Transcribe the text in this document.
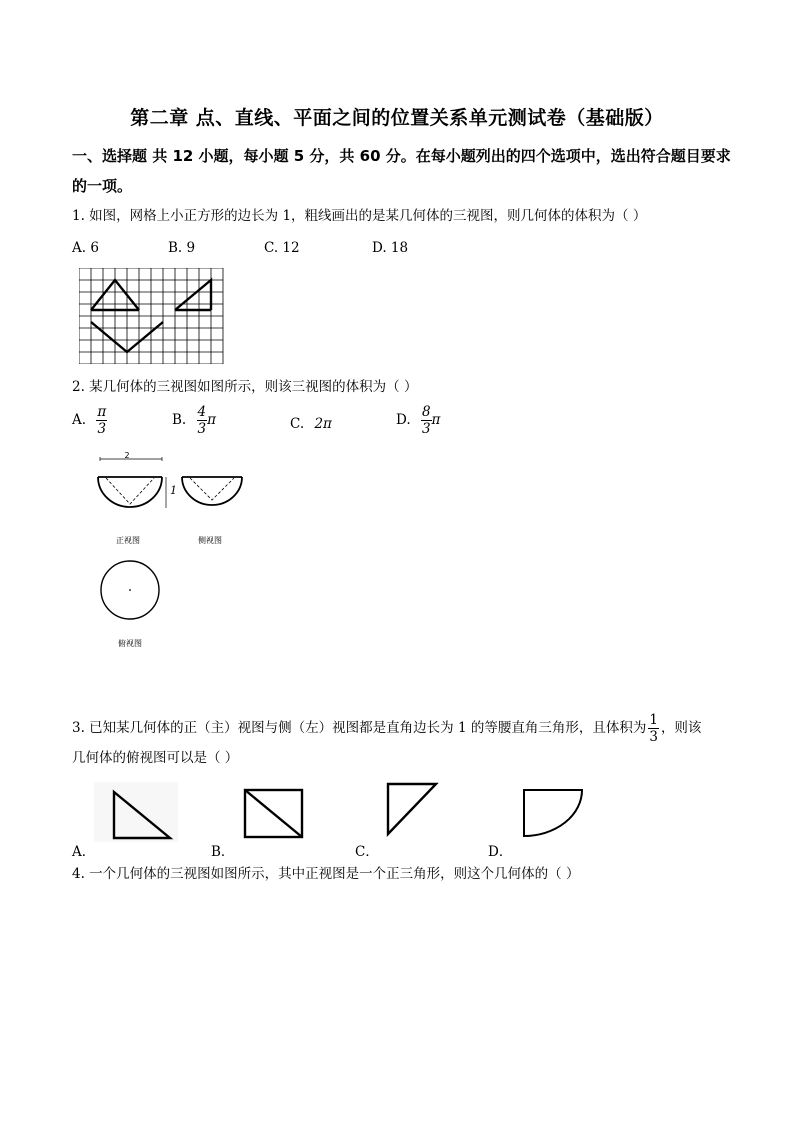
第二章 点、直线、平面之间的位置关系单元测试卷（基础版）
一、选择题 共 12 小题，每小题 5 分，共 60 分。在每小题列出的四个选项中，选出符合题目要求的一项。
1. 如图，网格上小正方形的边长为 1，粗线画出的是某几何体的三视图，则几何体的体积为（ ）
A. 6	B. 9	C. 12	D. 18
2. 某几何体的三视图如图所示，则该三视图的体积为（ ）
A. $\frac{\pi}{3}$	B. $\frac{4}{3}$ π	C. 2π	D. $\frac{8}{3}$ π
2
1
正视图	侧视图
俯视图
3. 已知某几何体的正（主）视图与侧（左）视图都是直角边长为 1 的等腰直角三角形，且体积为 $\frac{1}{3}$ ，则该
几何体的俯视图可以是（ ）
A．	B．	C．	D．
4. 一个几何体的三视图如图所示，其中正视图是一个正三角形，则这个几何体的（ ）
